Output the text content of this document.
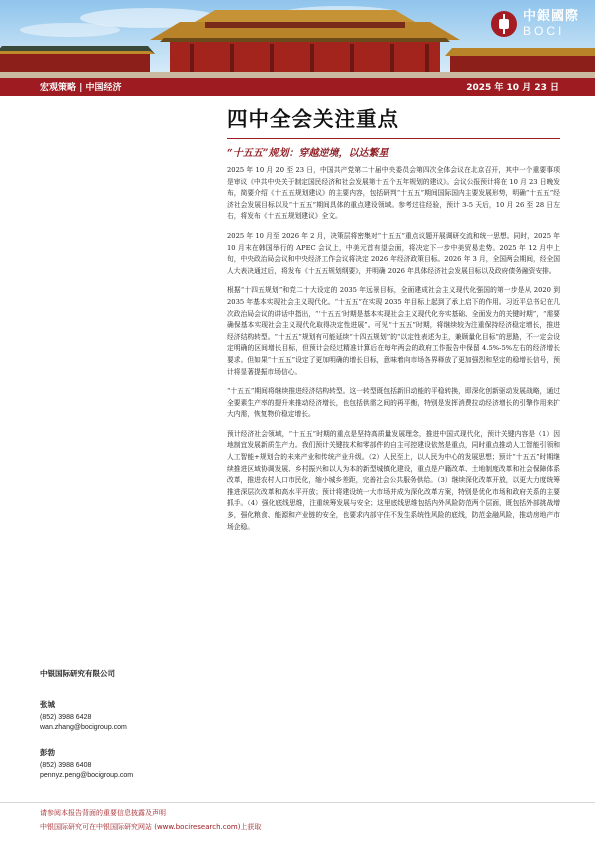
中銀國際
BOCI
宏观策略 | 中国经济	2025 年 10 月 23 日
四中全会关注重点

“十五五”规划：穿越逆境，以达繁星

2025 年 10 月 20 至 23 日，中国共产党第二十届中央委员会第四次全体会议在北京召开，其中一个重要事项是审议《中共中央关于制定国民经济和社会发展第十五个五年规划的建议》。会议公报预计将在 10 月 23 日晚发布，简要介绍《十五五规划建议》的主要内容，包括研判“十五五”期间国际国内主要发展形势，明确“十五五”经济社会发展目标以及“十五五”期间具体的重点建设领域。参考过往经验，预计 3-5 天后，10 月 26 至 28 日左右，将发布《十五五规划建议》全文。

2025 年 10 月至 2026 年 2 月，决策层将密集对“十五五”重点议题开展调研交流和统一思想。同时，2025 年 10 月末在韩国举行的 APEC 会议上，中美元首有望会面，将决定下一步中美贸易走势。2025 年 12 月中上旬，中央政治局会议和中央经济工作会议将决定 2026 年经济政策目标。2026 年 3 月，全国两会期间，经全国人大表决通过后，将发布《十五五规划纲要》，并明确 2026 年具体经济社会发展目标以及政府债务融资安排。

根据“十四五规划”和党二十大设定的 2035 年远景目标，全面建成社会主义现代化强国的第一步是从 2020 到 2035 年基本实现社会主义现代化。“十五五”在实现 2035 年目标上起到了承上启下的作用。习近平总书记在几次政治局会议的讲话中指出，“‘十五五’时期是基本实现社会主义现代化夯实基础、全面发力的关键时期”，“需要确保基本实现社会主义现代化取得决定性进展”。可见“十五五”时期，将继续较为注重保持经济稳定增长，推进经济结构转型。“十五五”规划有可能延续“十四五规划”的“以定性表述为主，兼顾量化目标”的思路，不一定会设定明确的区间增长目标，但预计会经过精准计算后在每年两会的政府工作报告中保留 4.5%-5%左右的经济增长要求。但如果“十五五”设定了更加明确的增长目标，意味着向市场各界释放了更加强烈和坚定的稳增长信号，预计将显著提振市场信心。

“十五五”期间将继续推进经济结构转型。这一转型既包括新旧动能的平稳转换，即深化创新驱动发展战略，通过全要素生产率的提升来推动经济增长，也包括供需之间的再平衡，特别是发挥消费拉动经济增长的引擎作用来扩大内需，恢复物价稳定增长。

预计经济社会领域，“十五五”时期的重点是坚持高质量发展理念，推进中国式现代化，预计关键内容是（1）因地制宜发展新质生产力。我们预计关键技术和零部件的自主可控建设依然是重点，同时重点推动人工智能引领和人工智能+规划合的未来产业和传统产业升级。（2）人民至上，以人民为中心的发展思想；预计“十五五”时期继续推进区域协调发展、乡村振兴和以人为本的新型城镇化建设，重点是户籍改革、土地制度改革和社会保障体系改革，推进农村人口市民化，缩小城乡差距，完善社会公共服务供给。（3）继续深化改革开放，以更大力度统筹推进深层次改革和高水平开放；预计将建设统一大市场并成为深化改革方案，特别是优化市场和政府关系的主要抓手。（4）强化底线思维，注重统筹发展与安全；这里底线思维包括内外风险防范两个层面，既包括外部挑战增多，强化粮食、能源和产业链的安全，也要求内部守住不发生系统性风险的底线，防范金融风险，推动房地产市场企稳。

中银国际研究有限公司
张城
(852) 3988 6428
wan.zhang@bocigroup.com
彭勃
(852) 3988 6408
pennyz.peng@bocigroup.com
请参阅本报告背面的重要信息披露及声明
中银国际研究可在中银国际研究网站 (www.bociresearch.com)上获取
